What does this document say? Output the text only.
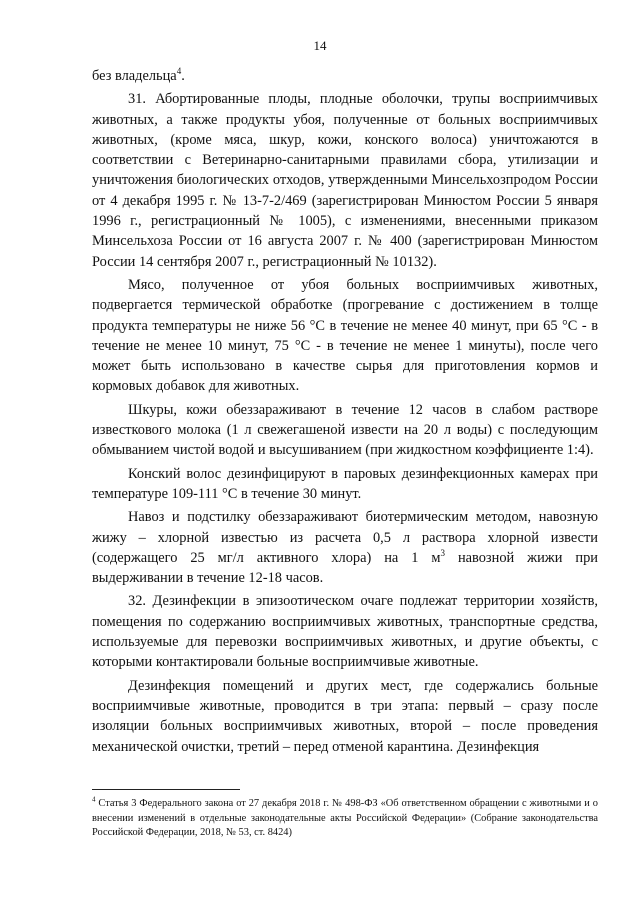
14

без владельца$^4$.

31. Абортированные плоды, плодные оболочки, трупы восприимчивых животных, а также продукты убоя, полученные от больных восприимчивых животных, (кроме мяса, шкур, кожи, конского волоса) уничтожаются в соответствии с Ветеринарно-санитарными правилами сбора, утилизации и уничтожения биологических отходов, утвержденными Минсельхозпродом России от 4 декабря 1995 г. № 13-7-2/469 (зарегистрирован Минюстом России 5 января 1996 г., регистрационный № 1005), с изменениями, внесенными приказом Минсельхоза России от 16 августа 2007 г. № 400 (зарегистрирован Минюстом России 14 сентября 2007 г., регистрационный № 10132).

Мясо, полученное от убоя больных восприимчивых животных, подвергается термической обработке (прогревание с достижением в толще продукта температуры не ниже 56 °С в течение не менее 40 минут, при 65 °С - в течение не менее 10 минут, 75 °С - в течение не менее 1 минуты), после чего может быть использовано в качестве сырья для приготовления кормов и кормовых добавок для животных.

Шкуры, кожи обеззараживают в течение 12 часов в слабом растворе известкового молока (1 л свежегашеной извести на 20 л воды) с последующим обмыванием чистой водой и высушиванием (при жидкостном коэффициенте 1:4).

Конский волос дезинфицируют в паровых дезинфекционных камерах при температуре 109-111 °С в течение 30 минут.

Навоз и подстилку обеззараживают биотермическим методом, навозную жижу – хлорной известью из расчета 0,5 л раствора хлорной извести (содержащего 25 мг/л активного хлора) на 1 $м^3$ навозной жижи при выдерживании в течение 12-18 часов.

32. Дезинфекции в эпизоотическом очаге подлежат территории хозяйств, помещения по содержанию восприимчивых животных, транспортные средства, используемые для перевозки восприимчивых животных, и другие объекты, с которыми контактировали больные восприимчивые животные.

Дезинфекция помещений и других мест, где содержались больные восприимчивые животные, проводится в три этапа: первый – сразу после изоляции больных восприимчивых животных, второй – после проведения механической очистки, третий – перед отменой карантина. Дезинфекция

$^4$ Статья 3 Федерального закона от 27 декабря 2018 г. № 498-ФЗ «Об ответственном обращении с животными и о внесении изменений в отдельные законодательные акты Российской Федерации» (Собрание законодательства Российской Федерации, 2018, № 53, ст. 8424)
